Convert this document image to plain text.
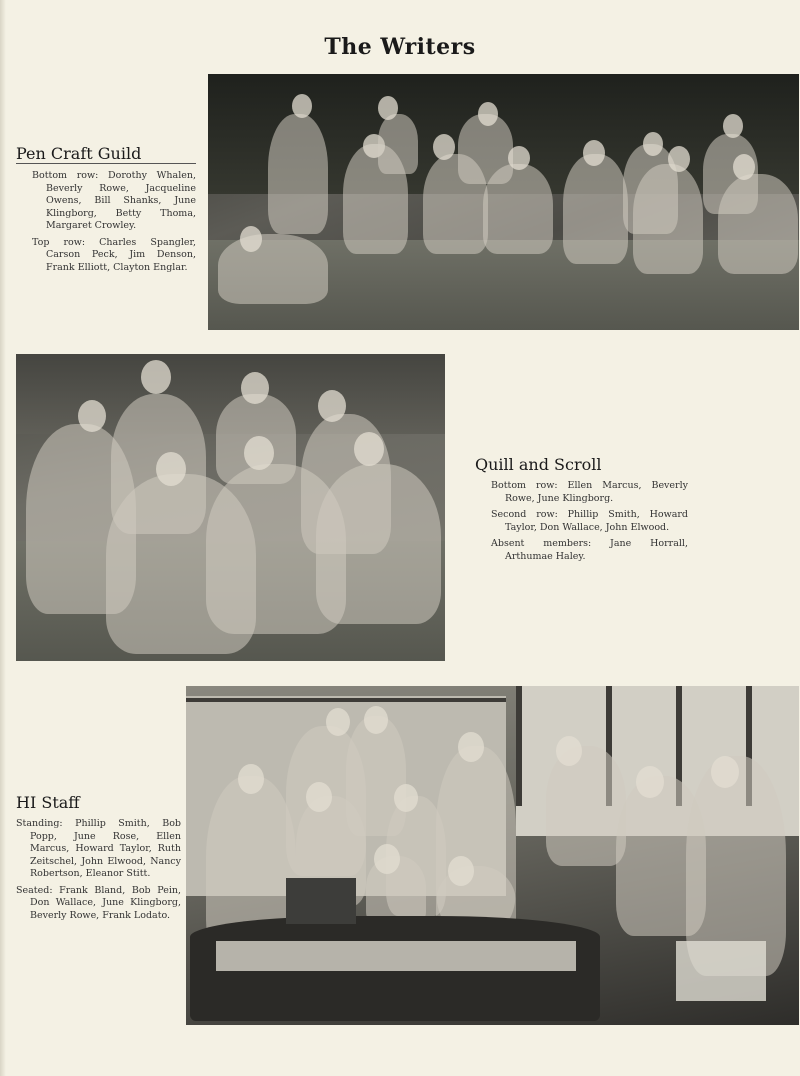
The Writers
Pen Craft Guild

Bottom row: Dorothy Whalen, Beverly Rowe, Jacqueline Owens, Bill Shanks, June Klingborg, Betty Thoma, Margaret Crowley.

Top row: Charles Spangler, Carson Peck, Jim Denson, Frank Elliott, Clayton Englar.

Quill and Scroll

Bottom row: Ellen Marcus, Beverly Rowe, June Klingborg.

Second row: Phillip Smith, Howard Taylor, Don Wallace, John Elwood.

Absent members: Jane Horrall, Arthumae Haley.

HI Staff

Standing: Phillip Smith, Bob Popp, June Rose, Ellen Marcus, Howard Taylor, Ruth Zeitschel, John Elwood, Nancy Robertson, Eleanor Stitt.

Seated: Frank Bland, Bob Pein, Don Wallace, June Klingborg, Beverly Rowe, Frank Lodato.
